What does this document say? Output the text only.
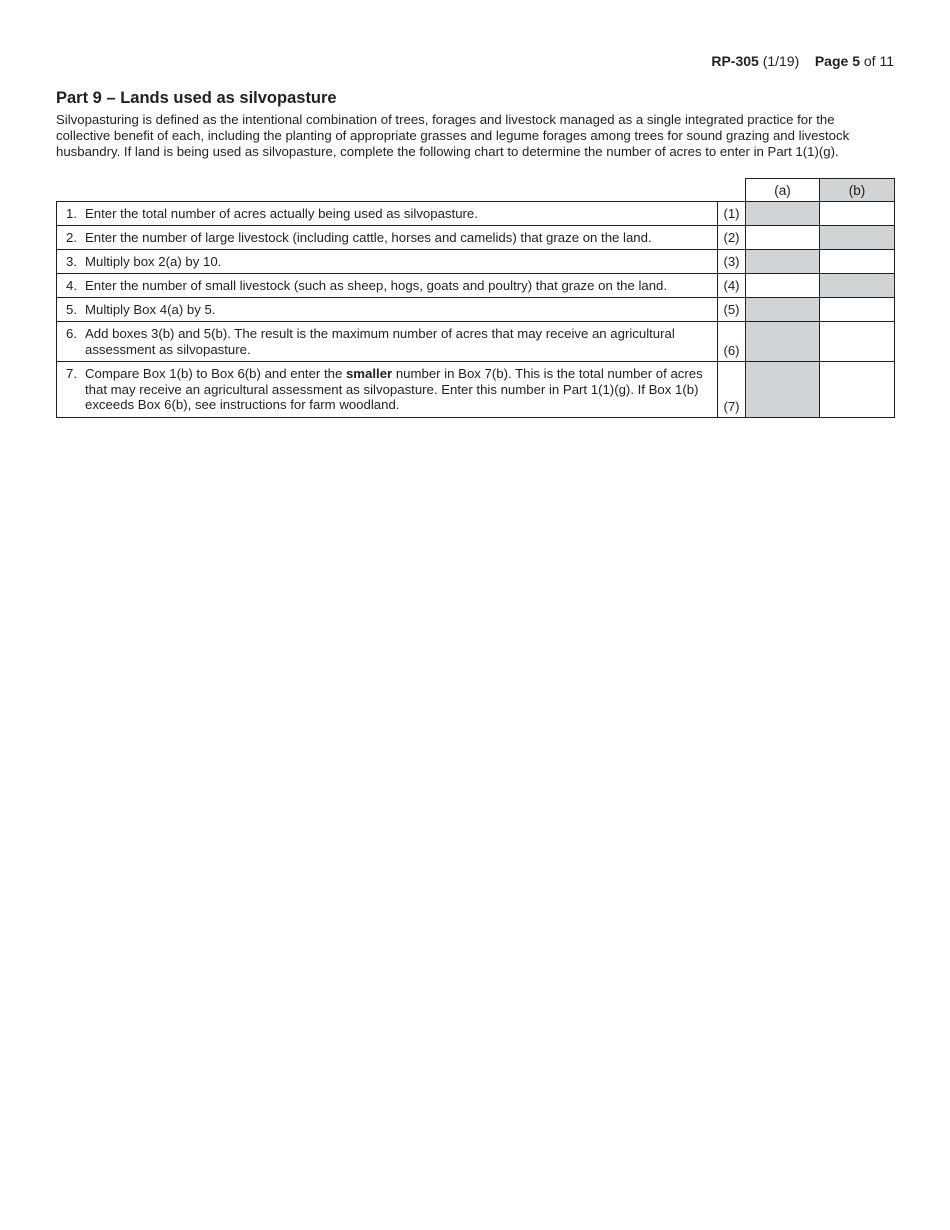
RP-305 (1/19) Page 5 of 11
Part 9 – Lands used as silvopasture

Silvopasturing is defined as the intentional combination of trees, forages and livestock managed as a single integrated practice for the collective benefit of each, including the planting of appropriate grasses and legume forages among trees for sound grazing and livestock husbandry. If land is being used as silvopasture, complete the following chart to determine the number of acres to enter in Part 1(1)(g).

		(a)	(b)

1. Enter the total number of acres actually being used as silvopasture.	(1)		

2. Enter the number of large livestock (including cattle, horses and camelids) that graze on the land.	(2)		

3. Multiply box 2(a) by 10.	(3)		

4. Enter the number of small livestock (such as sheep, hogs, goats and poultry) that graze on the land.	(4)		

5. Multiply Box 4(a) by 5.	(5)		

6. Add boxes 3(b) and 5(b). The result is the maximum number of acres that may receive an agricultural assessment as silvopasture.	(6)		

7. Compare Box 1(b) to Box 6(b) and enter the smaller number in Box 7(b). This is the total number of acres that may receive an agricultural assessment as silvopasture. Enter this number in Part 1(1)(g). If Box 1(b) exceeds Box 6(b), see instructions for farm woodland.	(7)		
